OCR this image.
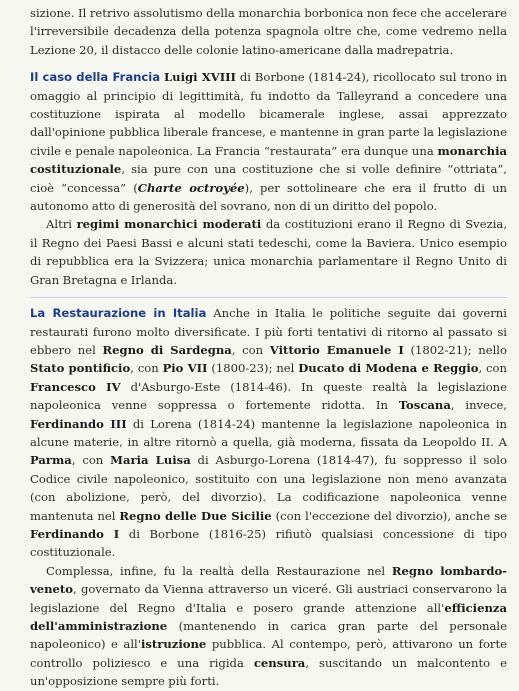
sizione. Il retrivo assolutismo della monarchia borbonica non fece che accelerare l'irreversibile decadenza della potenza spagnola oltre che, come vedremo nella Lezione 20, il distacco delle colonie latino-americane dalla madrepatria.

Il caso della Francia Luigi XVIII di Borbone (1814-24), ricollocato sul trono in omaggio al principio di legittimità, fu indotto da Talleyrand a concedere una costituzione ispirata al modello bicamerale inglese, assai apprezzato dall'opinione pubblica liberale francese, e mantenne in gran parte la legislazione civile e penale napoleonica. La Francia “restaurata” era dunque una monarchia costituzionale, sia pure con una costituzione che si volle definire “ottriata”, cioè “concessa” (Charte octroyée), per sottolineare che era il frutto di un autonomo atto di generosità del sovrano, non di un diritto del popolo.

Altri regimi monarchici moderati da costituzioni erano il Regno di Svezia, il Regno dei Paesi Bassi e alcuni stati tedeschi, come la Baviera. Unico esempio di repubblica era la Svizzera; unica monarchia parlamentare il Regno Unito di Gran Bretagna e Irlanda.

La Restaurazione in Italia Anche in Italia le politiche seguite dai governi restaurati furono molto diversificate. I più forti tentativi di ritorno al passato si ebbero nel Regno di Sardegna, con Vittorio Emanuele I (1802-21); nello Stato pontificio, con Pio VII (1800-23); nel Ducato di Modena e Reggio, con Francesco IV d'Asburgo-Este (1814-46). In queste realtà la legislazione napoleonica venne soppressa o fortemente ridotta. In Toscana, invece, Ferdinando III di Lorena (1814-24) mantenne la legislazione napoleonica in alcune materie, in altre ritornò a quella, già moderna, fissata da Leopoldo II. A Parma, con Maria Luisa di Asburgo-Lorena (1814-47), fu soppresso il solo Codice civile napoleonico, sostituito con una legislazione non meno avanzata (con abolizione, però, del divorzio). La codificazione napoleonica venne mantenuta nel Regno delle Due Sicilie (con l'eccezione del divorzio), anche se Ferdinando I di Borbone (1816-25) rifiutò qualsiasi concessione di tipo costituzionale.

Complessa, infine, fu la realtà della Restaurazione nel Regno lombardo-veneto, governato da Vienna attraverso un viceré. Gli austriaci conservarono la legislazione del Regno d'Italia e posero grande attenzione all'efficienza dell'amministrazione (mantenendo in carica gran parte del personale napoleonico) e all'istruzione pubblica. Al contempo, però, attivarono un forte controllo poliziesco e una rigida censura, suscitando un malcontento e un'opposizione sempre più forti.
